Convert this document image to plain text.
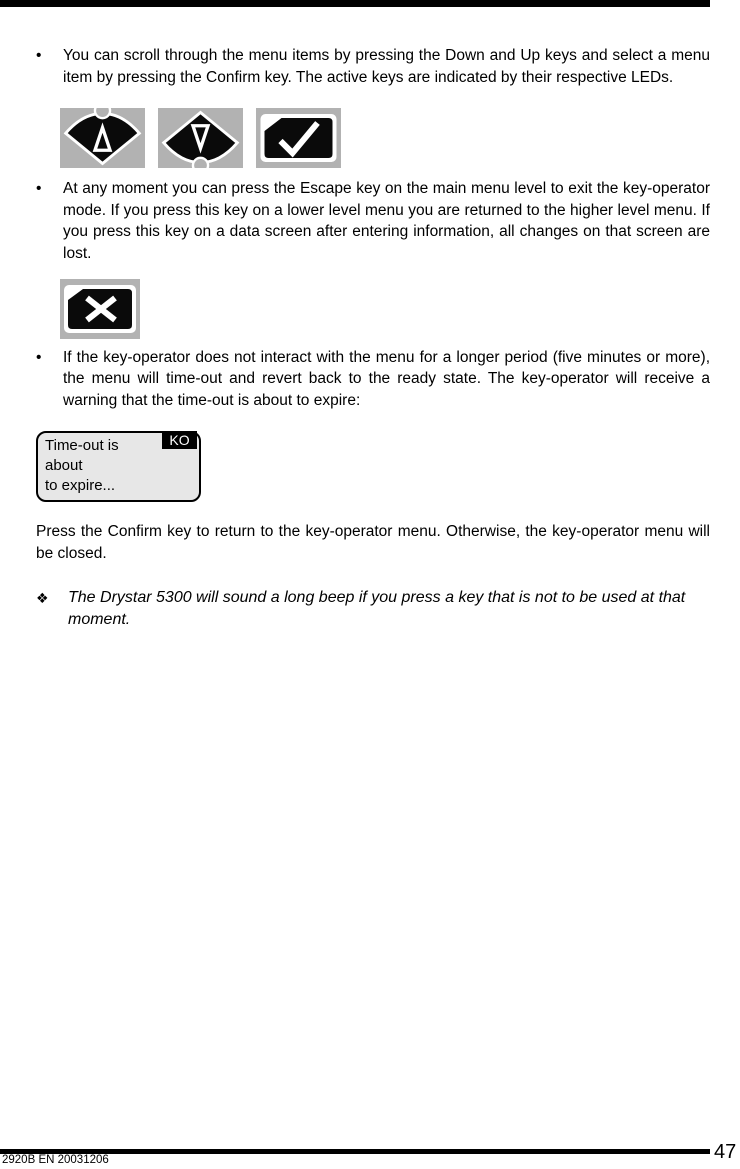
•	You can scroll through the menu items by pressing the Down and Up keys and select a menu item by pressing the Confirm key. The active keys are indicated by their respective LEDs.
•	At any moment you can press the Escape key on the main menu level to exit the key-operator mode. If you press this key on a lower level menu you are returned to the higher level menu. If you press this key on a data screen after entering information, all changes on that screen are lost.
•	If the key-operator does not interact with the menu for a longer period (five minutes or more), the menu will time-out and revert back to the ready state. The key-operator will receive a warning that the time-out is about to expire:
Time-out is
about
to expire...
KO
Press the Confirm key to return to the key-operator menu. Otherwise, the key-operator menu will be closed.
❖	The Drystar 5300 will sound a long beep if you press a key that is not to be used at that moment.
47
2920B EN 20031206
